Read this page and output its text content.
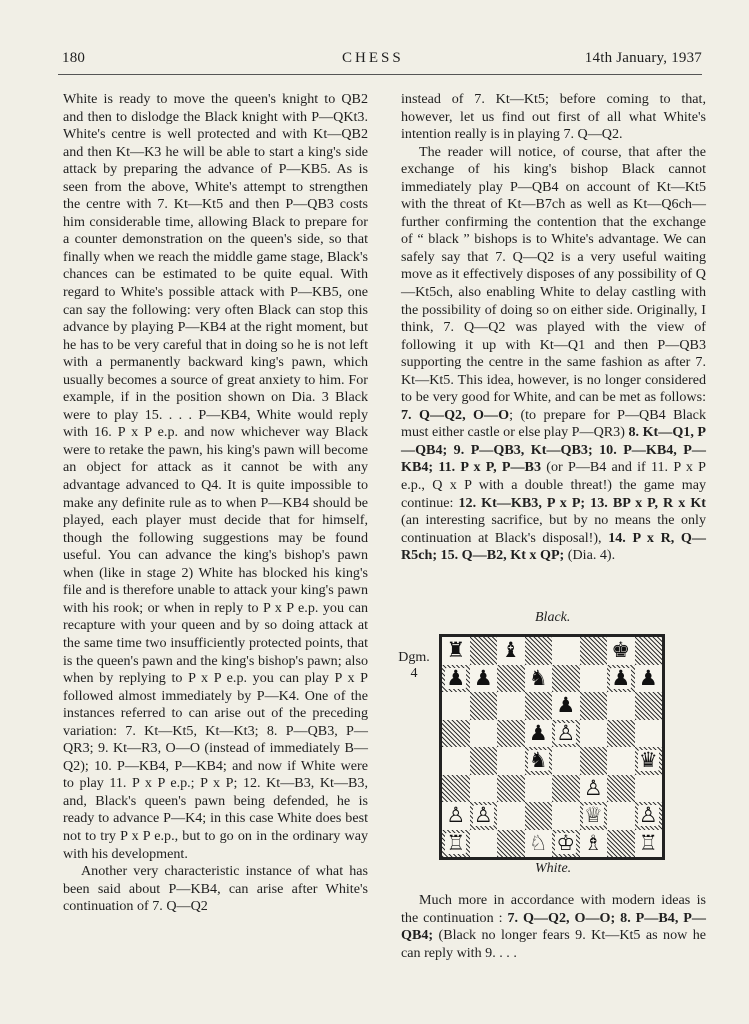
180	CHESS	14th January, 1937

White is ready to move the queen's knight to QB2 and then to dislodge the Black knight with P—QKt3. White's centre is well protected and with Kt—QB2 and then Kt—K3 he will be able to start a king's side attack by preparing the advance of P—KB5. As is seen from the above, White's attempt to strengthen the centre with 7. Kt—Kt5 and then P—QB3 costs him considerable time, allowing Black to prepare for a counter demonstration on the queen's side, so that finally when we reach the middle game stage, Black's chances can be estimated to be quite equal. With regard to White's possible attack with P—KB5, one can say the following: very often Black can stop this advance by playing P—KB4 at the right moment, but he has to be very careful that in doing so he is not left with a permanently backward king's pawn, which usually becomes a source of great anxiety to him. For example, if in the position shown on Dia. 3 Black were to play 15. . . . P—KB4, White would reply with 16. P x P e.p. and now whichever way Black were to retake the pawn, his king's pawn will become an object for attack as it cannot be with any advantage advanced to Q4. It is quite impossible to make any definite rule as to when P—KB4 should be played, each player must decide that for himself, though the following suggestions may be found useful. You can advance the king's bishop's pawn when (like in stage 2) White has blocked his king's file and is therefore unable to attack your king's pawn with his rook; or when in reply to P x P e.p. you can recapture with your queen and by so doing attack at the same time two insufficiently protected points, that is the queen's pawn and the king's bishop's pawn; also when by replying to P x P e.p. you can play P x P followed almost immediately by P—K4. One of the instances referred to can arise out of the preceding variation: 7. Kt—Kt5, Kt—Kt3; 8. P—QB3, P—QR3; 9. Kt—R3, O—O (instead of immediately B—Q2); 10. P—KB4, P—KB4; and now if White were to play 11. P x P e.p.; P x P; 12. Kt—B3, Kt—B3, and, Black's queen's pawn being defended, he is ready to advance P—K4; in this case White does best not to try P x P e.p., but to go on in the ordinary way with his development.

Another very characteristic instance of what has been said about P—KB4, can arise after White's continuation of 7. Q—Q2

instead of 7. Kt—Kt5; before coming to that, however, let us find out first of all what White's intention really is in playing 7. Q—Q2.

The reader will notice, of course, that after the exchange of his king's bishop Black cannot immediately play P—QB4 on account of Kt—Kt5 with the threat of Kt—B7ch as well as Kt—Q6ch—further confirming the contention that the exchange of “ black ” bishops is to White's advantage. We can safely say that 7. Q—Q2 is a very useful waiting move as it effectively disposes of any possibility of Q—Kt5ch, also enabling White to delay castling with the possibility of doing so on either side. Originally, I think, 7. Q—Q2 was played with the view of following it up with Kt—Q1 and then P—QB3 supporting the centre in the same fashion as after 7. Kt—Kt5. This idea, however, is no longer considered to be very good for White, and can be met as follows: 7. Q—Q2, O—O; (to prepare for P—QB4 Black must either castle or else play P—QR3) 8. Kt—Q1, P—QB4; 9. P—QB3, Kt—QB3; 10. P—KB4, P—KB4; 11. P x P, P—B3 (or P—B4 and if 11. P x P e.p., Q x P with a double threat!) the game may continue: 12. Kt—KB3, P x P; 13. BP x P, R x Kt (an interesting sacrifice, but by no means the only continuation at Black's disposal!), 14. P x R, Q—R5ch; 15. Q—B2, Kt x QP; (Dia. 4).

Black.
Dgm.
4
♜ ♝	♚
♟ ♟ ♞	♟ ♟
♟
♟ ♙
♞	♛
♙
♙ ♙	♕ ♙
♖	♘ ♔ ♗ ♖
White.

Much more in accordance with modern ideas is the continuation : 7. Q—Q2, O—O; 8. P—B4, P—QB4; (Black no longer fears 9. Kt—Kt5 as now he can reply with 9. . . .
